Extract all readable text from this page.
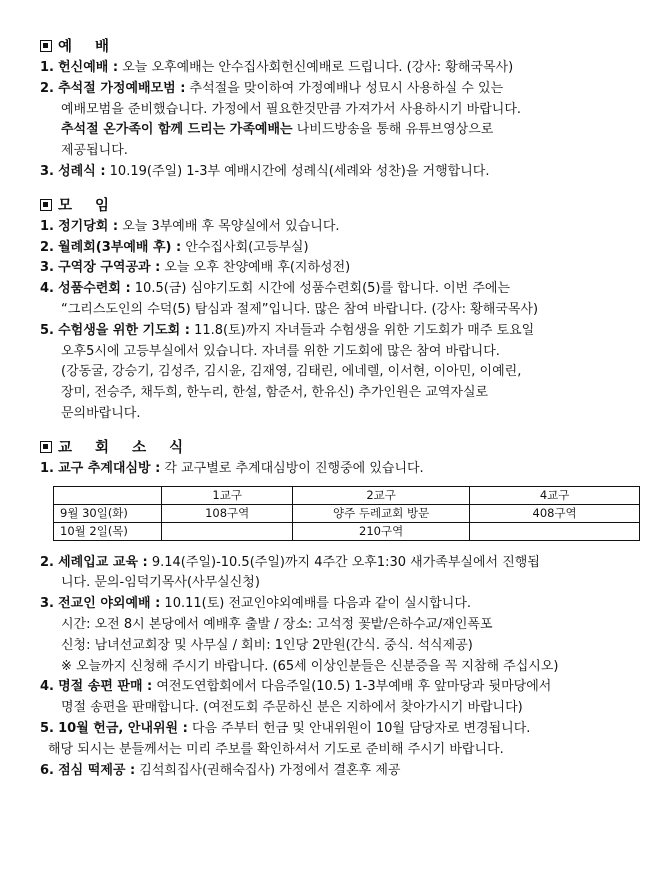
예 배
1. 헌신예배 : 오늘 오후예배는 안수집사회헌신예배로 드립니다. (강사: 황해국목사)
2. 추석절 가정예배모범 : 추석절을 맞이하여 가정예배나 성묘시 사용하실 수 있는
예배모범을 준비했습니다. 가정에서 필요한것만큼 가져가서 사용하시기 바랍니다.
추석절 온가족이 함께 드리는 가족예배는 나비드방송을 통해 유튜브영상으로
제공됩니다.
3. 성례식 : 10.19(주일) 1-3부 예배시간에 성례식(세례와 성찬)을 거행합니다.
모 임
1. 정기당회 : 오늘 3부예배 후 목양실에서 있습니다.
2. 월례회(3부예배 후) : 안수집사회(고등부실)
3. 구역장 구역공과 : 오늘 오후 찬양예배 후(지하성전)
4. 성품수련회 : 10.5(금) 심야기도회 시간에 성품수련회(5)를 합니다. 이번 주에는
“그리스도인의 수덕(5) 탐심과 절제”입니다. 많은 참여 바랍니다. (강사: 황해국목사)
5. 수험생을 위한 기도회 : 11.8(토)까지 자녀들과 수험생을 위한 기도회가 매주 토요일
오후5시에 고등부실에서 있습니다. 자녀를 위한 기도회에 많은 참여 바랍니다.
(강동굴, 강승기, 김성주, 김시윤, 김재영, 김태린, 에네렐, 이서현, 이아민, 이예린,
장미, 전승주, 채두희, 한누리, 한설, 함준서, 한유신) 추가인원은 교역자실로
문의바랍니다.
교 회 소 식
1. 교구 추계대심방 : 각 교구별로 추계대심방이 진행중에 있습니다.
	1교구	2교구	4교구
9월 30일(화)	108구역	양주 두레교회 방문	408구역
10월 2일(목)		210구역	
2. 세례입교 교육 : 9.14(주일)-10.5(주일)까지 4주간 오후1:30 새가족부실에서 진행됩
니다. 문의-임덕기목사(사무실신청)
3. 전교인 야외예배 : 10.11(토) 전교인야외예배를 다음과 같이 실시합니다.
시간: 오전 8시 본당에서 예배후 출발 / 장소: 고석정 꽃밭/은하수교/재인폭포
신청: 남녀선교회장 및 사무실 / 회비: 1인당 2만원(간식. 중식. 석식제공)
※ 오늘까지 신청해 주시기 바랍니다. (65세 이상인분들은 신분증을 꼭 지참해 주십시오)
4. 명절 송편 판매 : 여전도연합회에서 다음주일(10.5) 1-3부예배 후 앞마당과 뒷마당에서
명절 송편을 판매합니다. (여전도회 주문하신 분은 지하에서 찾아가시기 바랍니다)
5. 10월 헌금, 안내위원 : 다음 주부터 헌금 및 안내위원이 10월 담당자로 변경됩니다.
해당 되시는 분들께서는 미리 주보를 확인하셔서 기도로 준비해 주시기 바랍니다.
6. 점심 떡제공 : 김석희집사(권해숙집사) 가정에서 결혼후 제공
